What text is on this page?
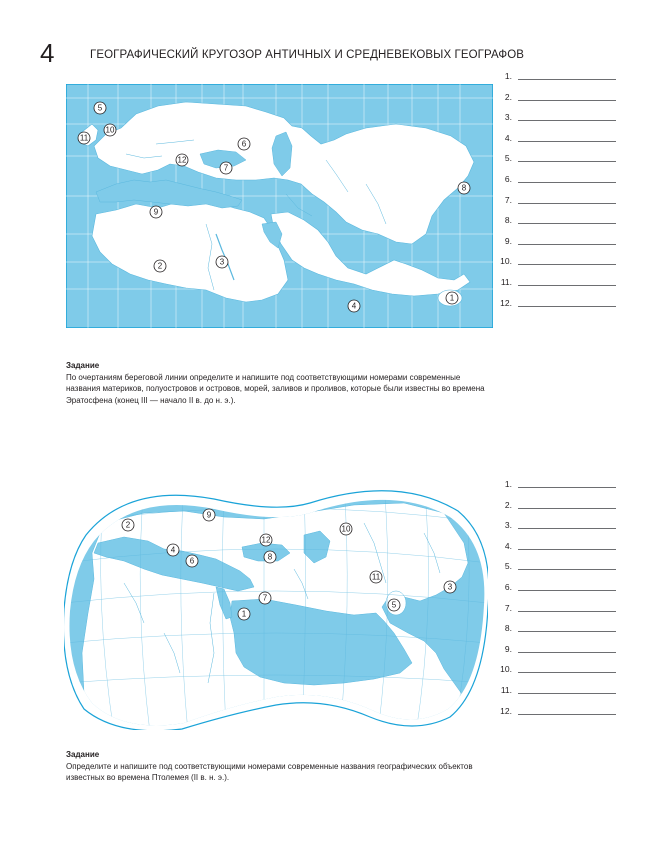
4	ГЕОГРАФИЧЕСКИЙ КРУГОЗОР АНТИЧНЫХ И СРЕДНЕВЕКОВЫХ ГЕОГРАФОВ
1
2	3
4
5
6
7
8
9
10
11
12
1.
2.
3.
4.
5.
6.
7.
8.
9.
10.
11.
12.
Задание

По очертаниям береговой линии определите и напишите под соответствующими номерами современные названия материков, полуостровов и островов, морей, заливов и проливов, которые были известны во времена Эратосфена (конец III — начало II в. до н. э.).

1
2
3
4
5
6
7
8
9
10
11
12
1.
2.
3.
4.
5.
6.
7.
8.
9.
10.
11.
12.
Задание

Определите и напишите под соответствующими номерами современные названия географических объектов известных во времена Птолемея (II в. н. э.).
